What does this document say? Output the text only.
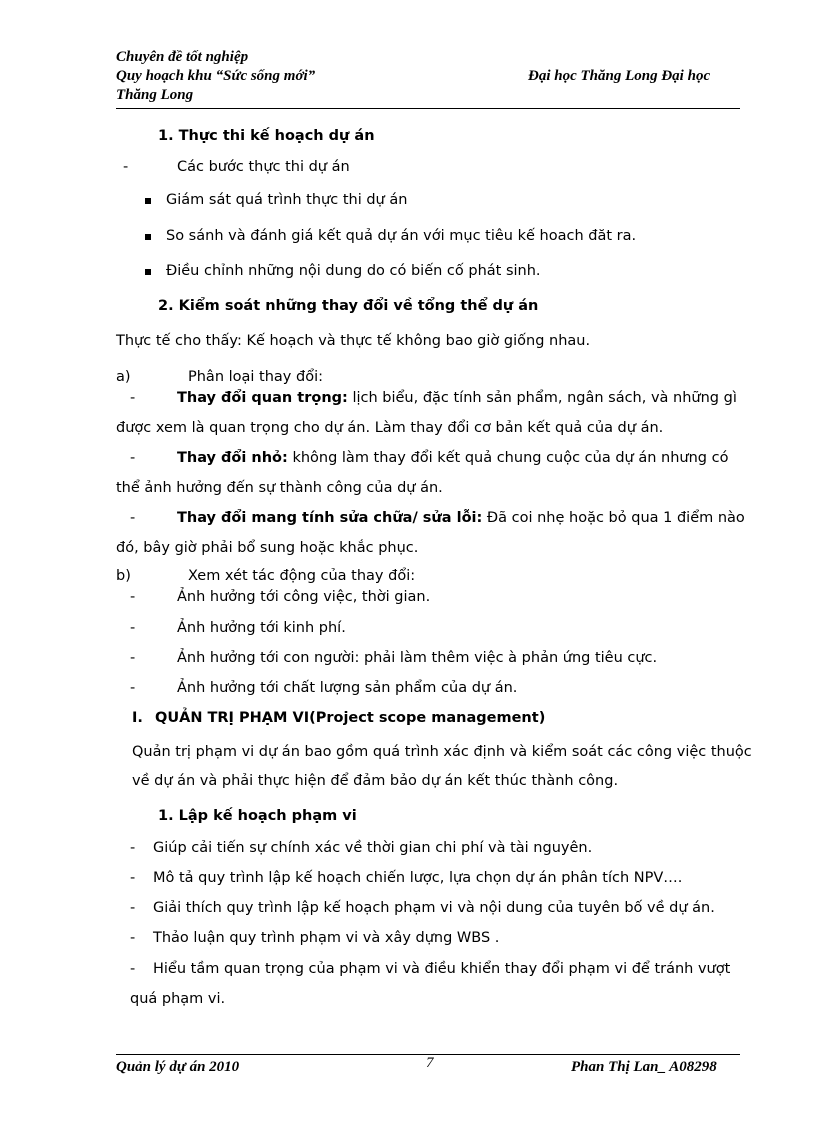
Chuyên đề tốt nghiệp
Quy hoạch khu “Sức sống mới”
Thăng Long
Đại học Thăng Long Đại học
1. Thực thi kế hoạch dự án
-	Các bước thực thi dự án
Giám sát quá trình thực thi dự án
So sánh và đánh giá kết quả dự án với mục tiêu kế hoach đăt ra.
Điều chỉnh những nội dung do có biến cố phát sinh.
2. Kiểm soát những thay đổi về tổng thể dự án
Thực tế cho thấy: Kế hoạch và thực tế không bao giờ giống nhau.
a)	Phân loại thay đổi:
-	Thay đổi quan trọng: lịch biểu, đặc tính sản phẩm, ngân sách, và những gì
được xem là quan trọng cho dự án. Làm thay đổi cơ bản kết quả của dự án.
-	Thay đổi nhỏ: không làm thay đổi kết quả chung cuộc của dự án nhưng có
thể ảnh hưởng đến sự thành công của dự án.
-	Thay đổi mang tính sửa chữa/ sửa lỗi: Đã coi nhẹ hoặc bỏ qua 1 điểm nào
đó, bây giờ phải bổ sung hoặc khắc phục.
b)	Xem xét tác động của thay đổi:
-	Ảnh hưởng tới công việc, thời gian.
-	Ảnh hưởng tới kinh phí.
-	Ảnh hưởng tới con người: phải làm thêm việc à phản ứng tiêu cực.
-	Ảnh hưởng tới chất lượng sản phẩm của dự án.
I. QUẢN TRỊ PHẠM VI(Project scope management)
Quản trị phạm vi dự án bao gồm quá trình xác định và kiểm soát các công việc thuộc
về dự án và phải thực hiện để đảm bảo dự án kết thúc thành công.
1. Lập kế hoạch phạm vi
- Giúp cải tiến sự chính xác về thời gian chi phí và tài nguyên.
- Mô tả quy trình lập kế hoạch chiến lược, lựa chọn dự án phân tích NPV….
- Giải thích quy trình lập kế hoạch phạm vi và nội dung của tuyên bố về dự án.
- Thảo luận quy trình phạm vi và xây dựng WBS .
- Hiểu tầm quan trọng của phạm vi và điều khiển thay đổi phạm vi để tránh vượt
quá phạm vi.
Quản lý dự án 2010	7	Phan Thị Lan_ A08298
